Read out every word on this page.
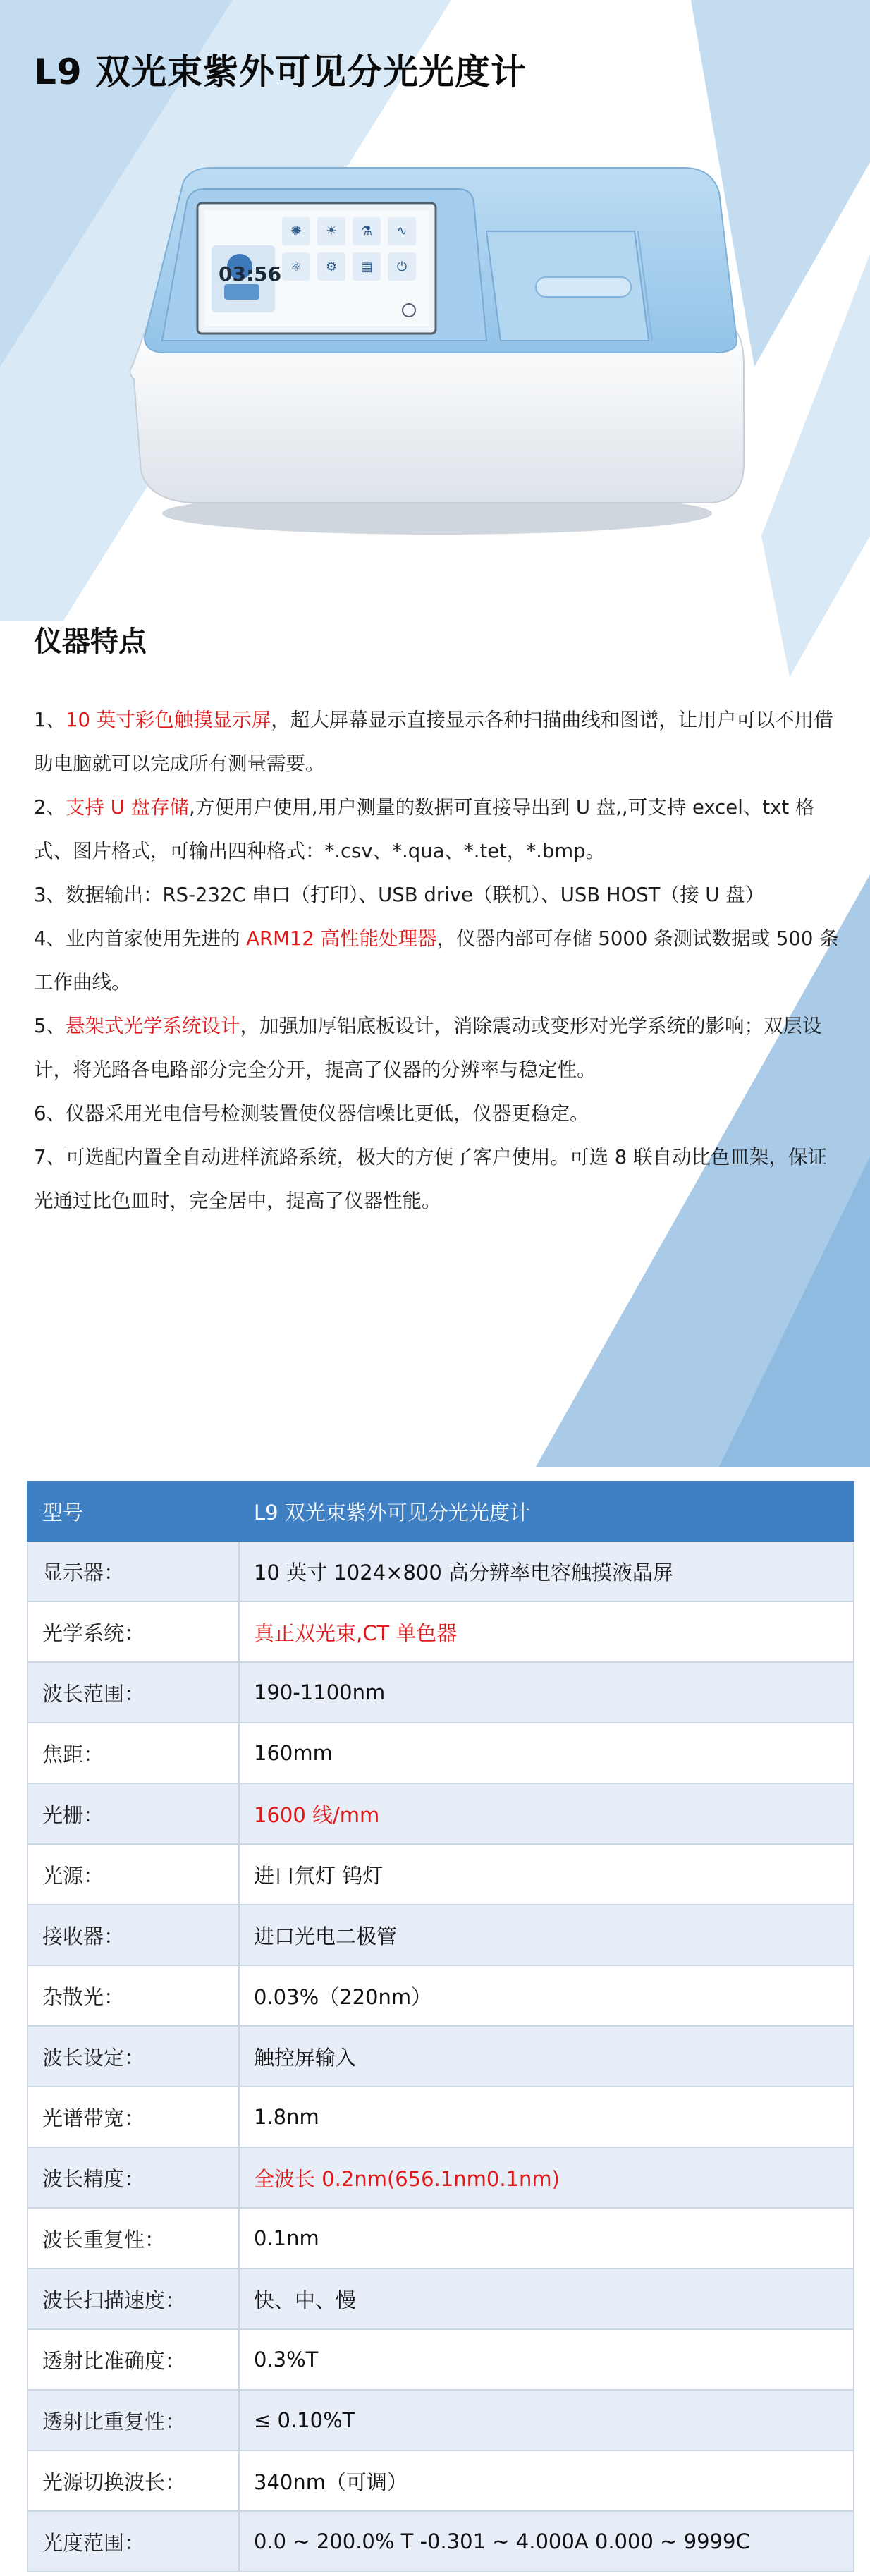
L9 双光束紫外可见分光光度计
✺ ☀ ⚗ ∿
⚛ ⚙ ▤ ⏻
03:56
仪器特点
1、10 英寸彩色触摸显示屏，超大屏幕显示直接显示各种扫描曲线和图谱，让用户可以不用借助电脑就可以完成所有测量需要。
2、支持 U 盘存储,方便用户使用,用户测量的数据可直接导出到 U 盘,,可支持 excel、txt 格式、图片格式，可输出四种格式：*.csv、*.qua、*.tet，*.bmp。
3、数据输出：RS-232C 串口（打印）、USB drive（联机）、USB HOST（接 U 盘）
4、业内首家使用先进的 ARM12 高性能处理器，仪器内部可存储 5000 条测试数据或 500 条工作曲线。
5、悬架式光学系统设计，加强加厚铝底板设计，消除震动或变形对光学系统的影响；双层设计，将光路各电路部分完全分开，提高了仪器的分辨率与稳定性。
6、仪器采用光电信号检测装置使仪器信噪比更低，仪器更稳定。
7、可选配内置全自动进样流路系统，极大的方便了客户使用。可选 8 联自动比色皿架，保证光通过比色皿时，完全居中，提高了仪器性能。
型号	L9 双光束紫外可见分光光度计
显示器：	10 英寸 1024×800 高分辨率电容触摸液晶屏
光学系统：	真正双光束,CT 单色器
波长范围：	190-1100nm
焦距：	160mm
光栅：	1600 线/mm
光源：	进口氘灯 钨灯
接收器：	进口光电二极管
杂散光：	0.03%（220nm）
波长设定：	触控屏输入
光谱带宽：	1.8nm
波长精度：	全波长 0.2nm(656.1nm0.1nm)
波长重复性：	0.1nm
波长扫描速度：	快、中、慢
透射比准确度：	0.3%T
透射比重复性：	≤ 0.10%T
光源切换波长：	340nm（可调）
光度范围：	0.0 ~ 200.0% T -0.301 ~ 4.000A 0.000 ~ 9999C
